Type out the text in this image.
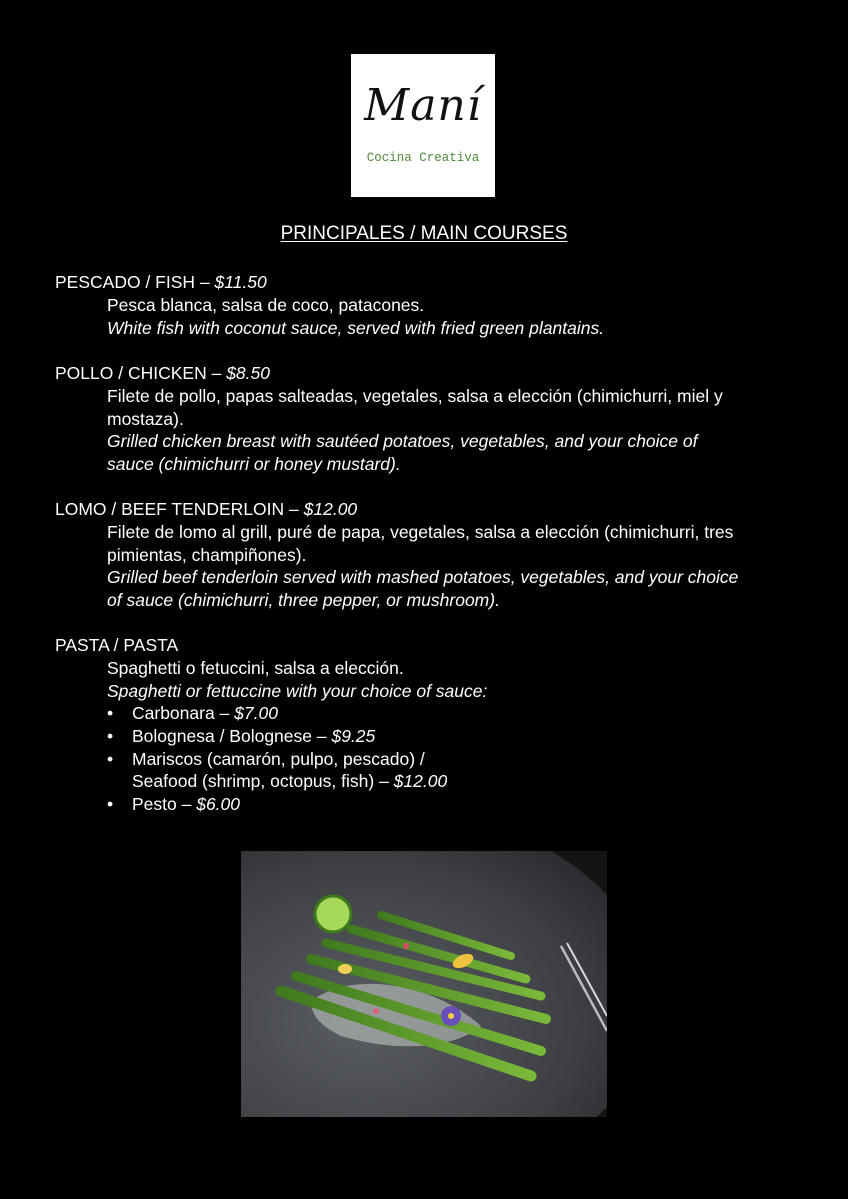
Maní
Cocina Creativa
PRINCIPALES / MAIN COURSES
PESCADO / FISH – $11.50
Pesca blanca, salsa de coco, patacones.
White fish with coconut sauce, served with fried green plantains.
POLLO / CHICKEN – $8.50
Filete de pollo, papas salteadas, vegetales, salsa a elección (chimichurri, miel y
mostaza).
Grilled chicken breast with sautéed potatoes, vegetables, and your choice of
sauce (chimichurri or honey mustard).
LOMO / BEEF TENDERLOIN – $12.00
Filete de lomo al grill, puré de papa, vegetales, salsa a elección (chimichurri, tres
pimientas, champiñones).
Grilled beef tenderloin served with mashed potatoes, vegetables, and your choice
of sauce (chimichurri, three pepper, or mushroom).
PASTA / PASTA
Spaghetti o fetuccini, salsa a elección.
Spaghetti or fettuccine with your choice of sauce:
• Carbonara – $7.00
• Bolognesa / Bolognese – $9.25
• Mariscos (camarón, pulpo, pescado) /
Seafood (shrimp, octopus, fish) – $12.00
• Pesto – $6.00
